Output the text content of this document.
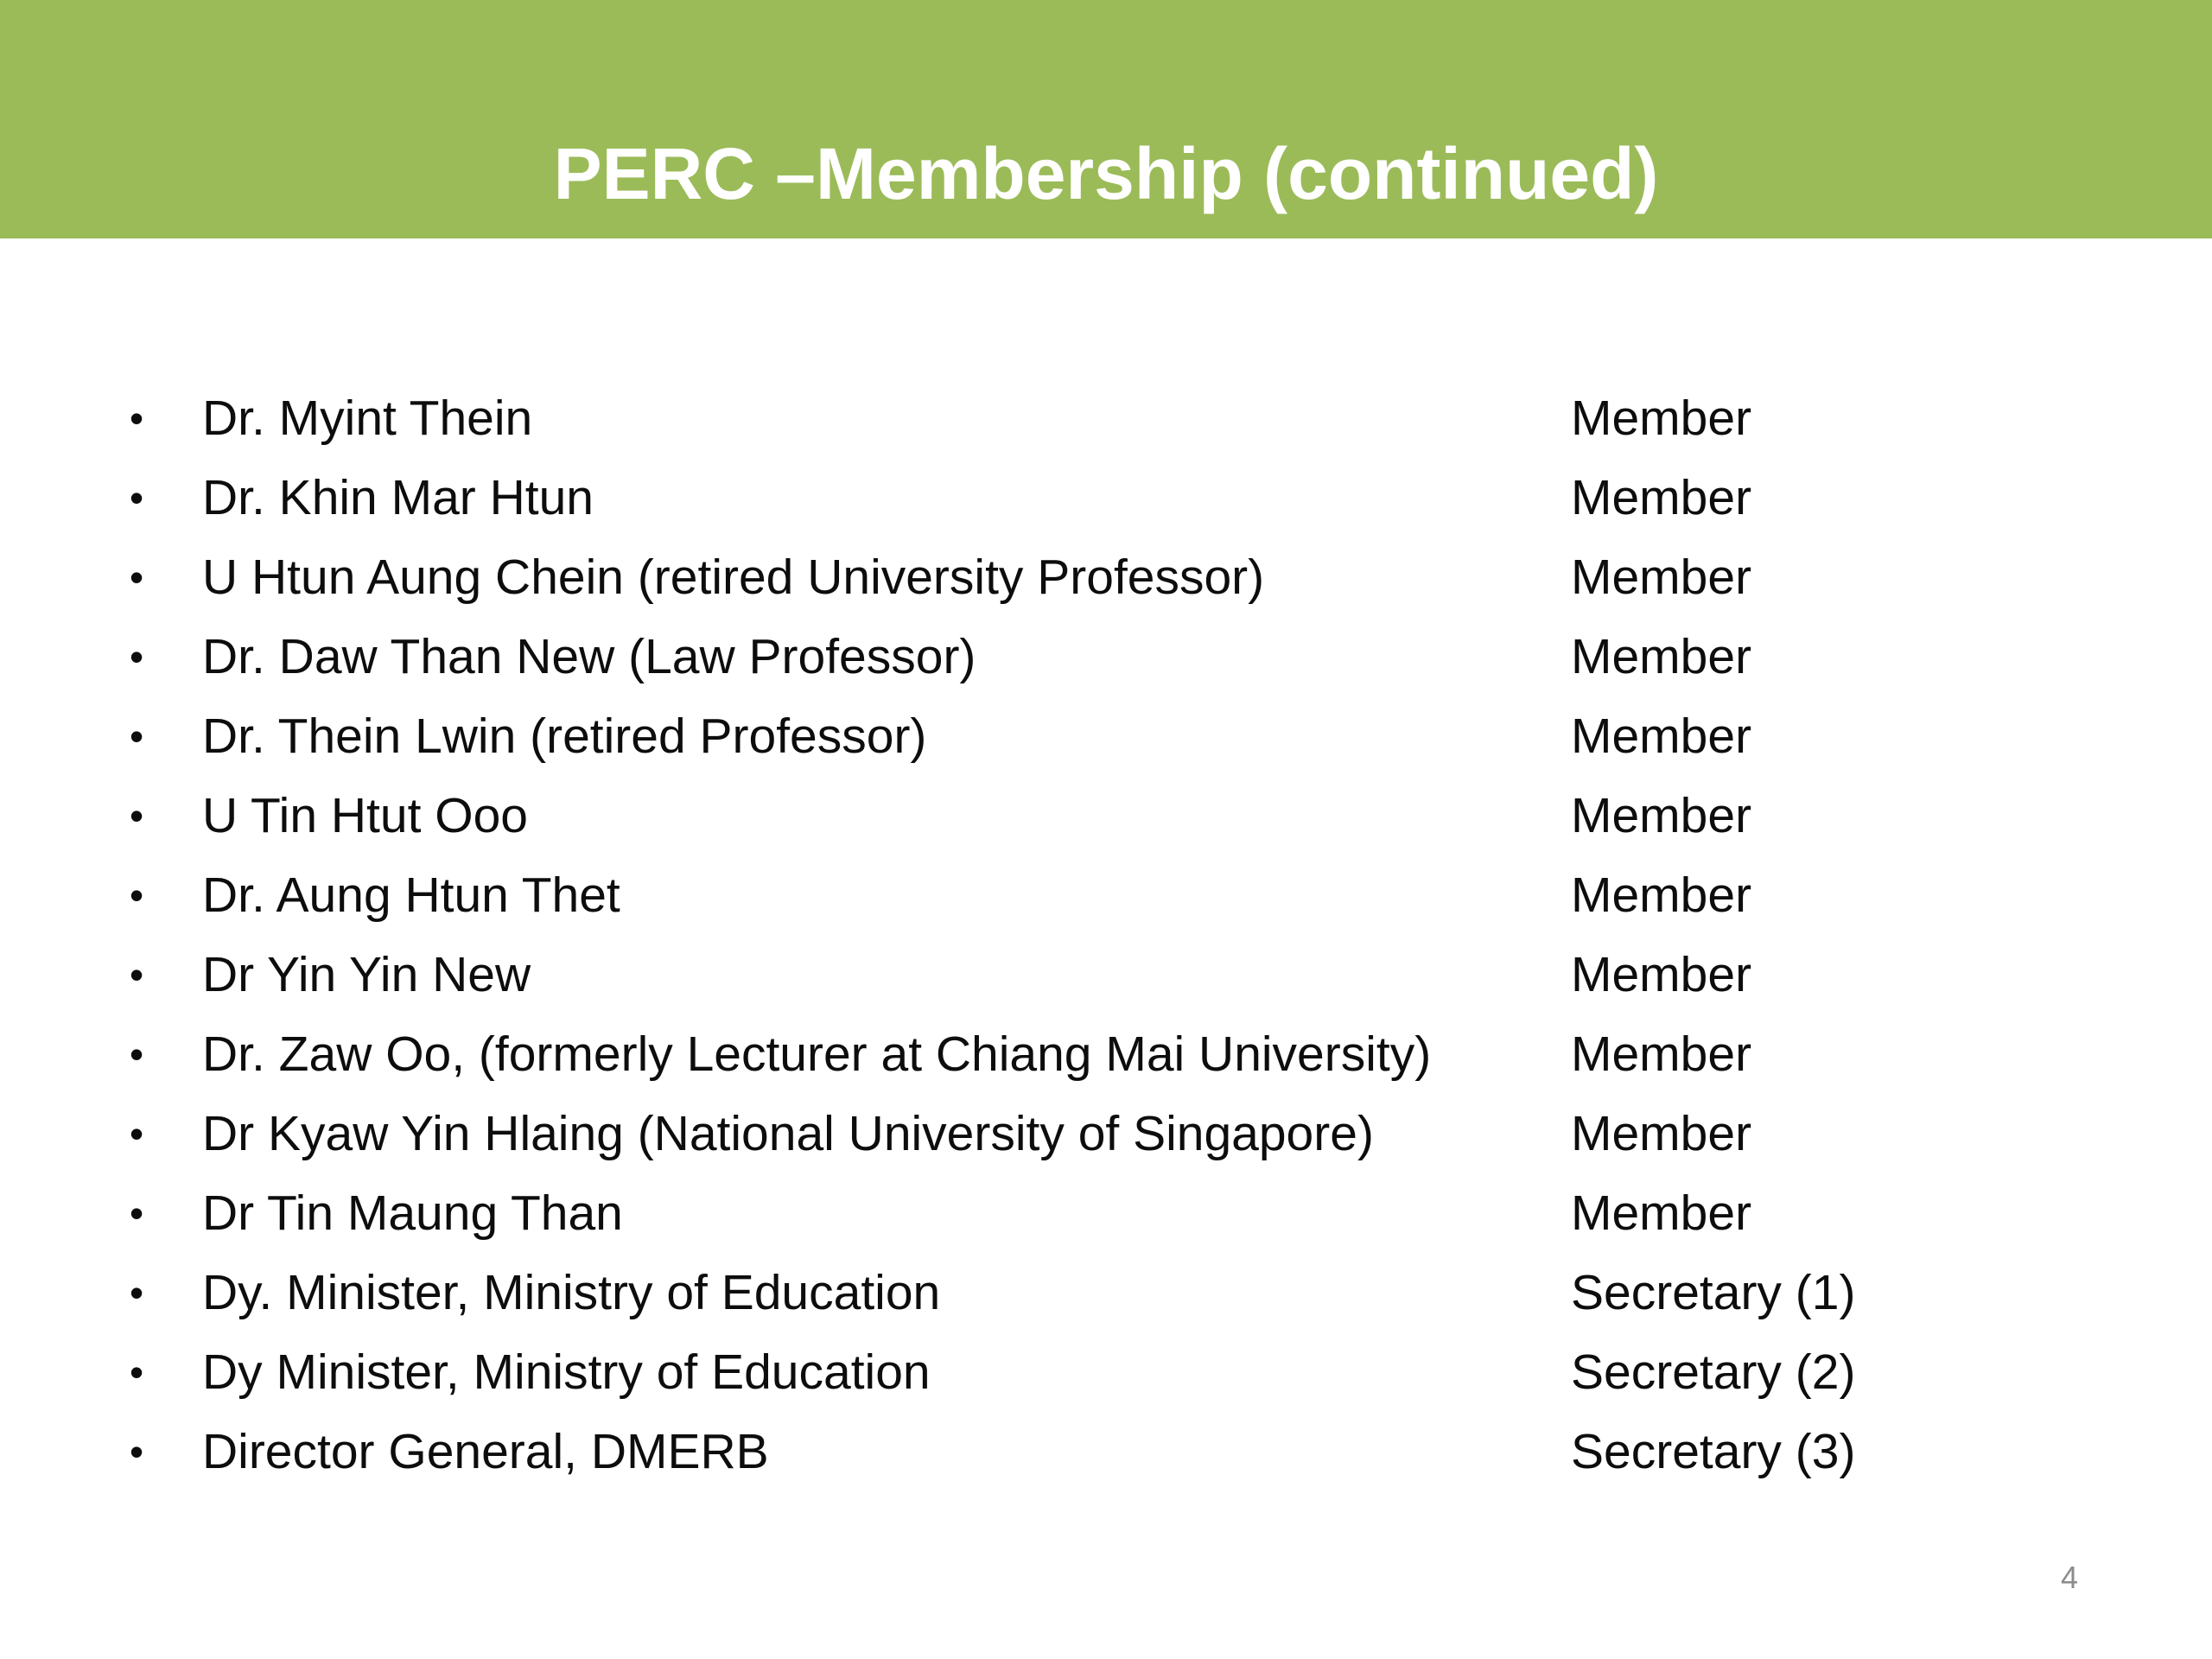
PERC –Membership (continued)
• Dr. Myint Thein	Member
• Dr. Khin Mar Htun	Member
• U Htun Aung Chein (retired University Professor)	Member
• Dr. Daw Than New (Law Professor)	Member
• Dr. Thein Lwin (retired Professor)	Member
• U Tin Htut Ooo	Member
• Dr. Aung Htun Thet	Member
• Dr Yin Yin New	Member
• Dr. Zaw Oo, (formerly Lecturer at Chiang Mai University)	Member
• Dr Kyaw Yin Hlaing (National University of Singapore)	Member
• Dr Tin Maung Than	Member
• Dy. Minister, Ministry of Education	Secretary (1)
• Dy Minister, Ministry of Education	Secretary (2)
• Director General, DMERB	Secretary (3)
4
